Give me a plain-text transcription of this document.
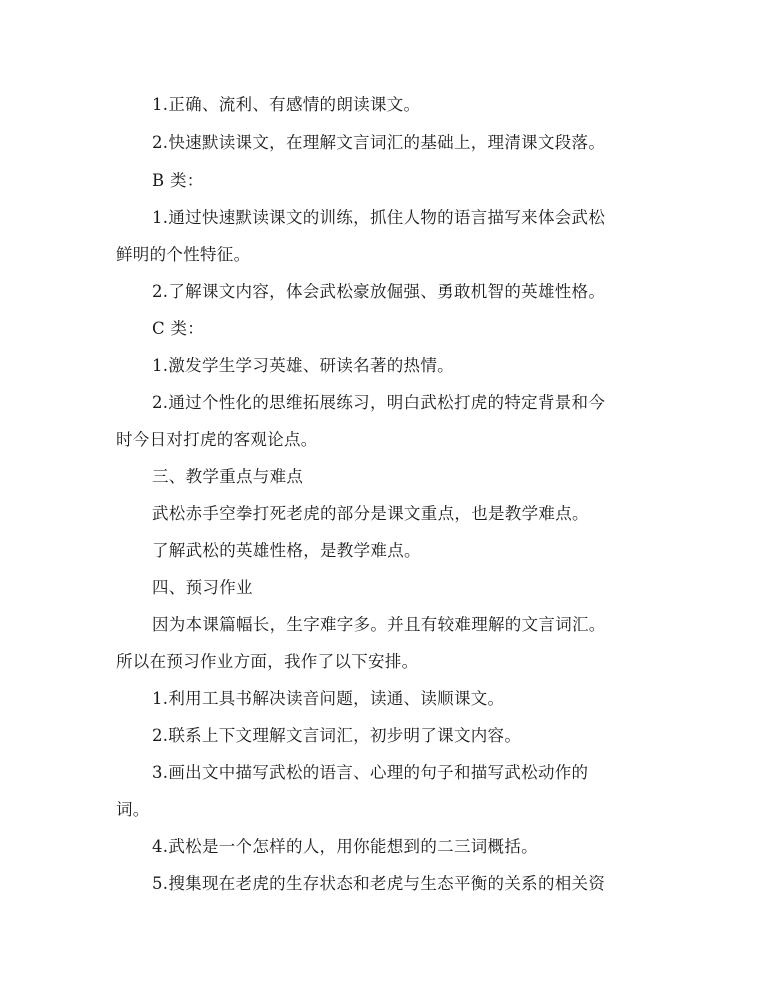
1.正确、流利、有感情的朗读课文。
2.快速默读课文，在理解文言词汇的基础上，理清课文段落。
B 类：
1.通过快速默读课文的训练，抓住人物的语言描写来体会武松
鲜明的个性特征。
2.了解课文内容，体会武松豪放倔强、勇敢机智的英雄性格。
C 类：
1.激发学生学习英雄、研读名著的热情。
2.通过个性化的思维拓展练习，明白武松打虎的特定背景和今
时今日对打虎的客观论点。
三、教学重点与难点
武松赤手空拳打死老虎的部分是课文重点，也是教学难点。
了解武松的英雄性格，是教学难点。
四、预习作业
因为本课篇幅长，生字难字多。并且有较难理解的文言词汇。
所以在预习作业方面，我作了以下安排。
1.利用工具书解决读音问题，读通、读顺课文。
2.联系上下文理解文言词汇，初步明了课文内容。
3.画出文中描写武松的语言、心理的句子和描写武松动作的
词。
4.武松是一个怎样的人，用你能想到的二三词概括。
5.搜集现在老虎的生存状态和老虎与生态平衡的关系的相关资
